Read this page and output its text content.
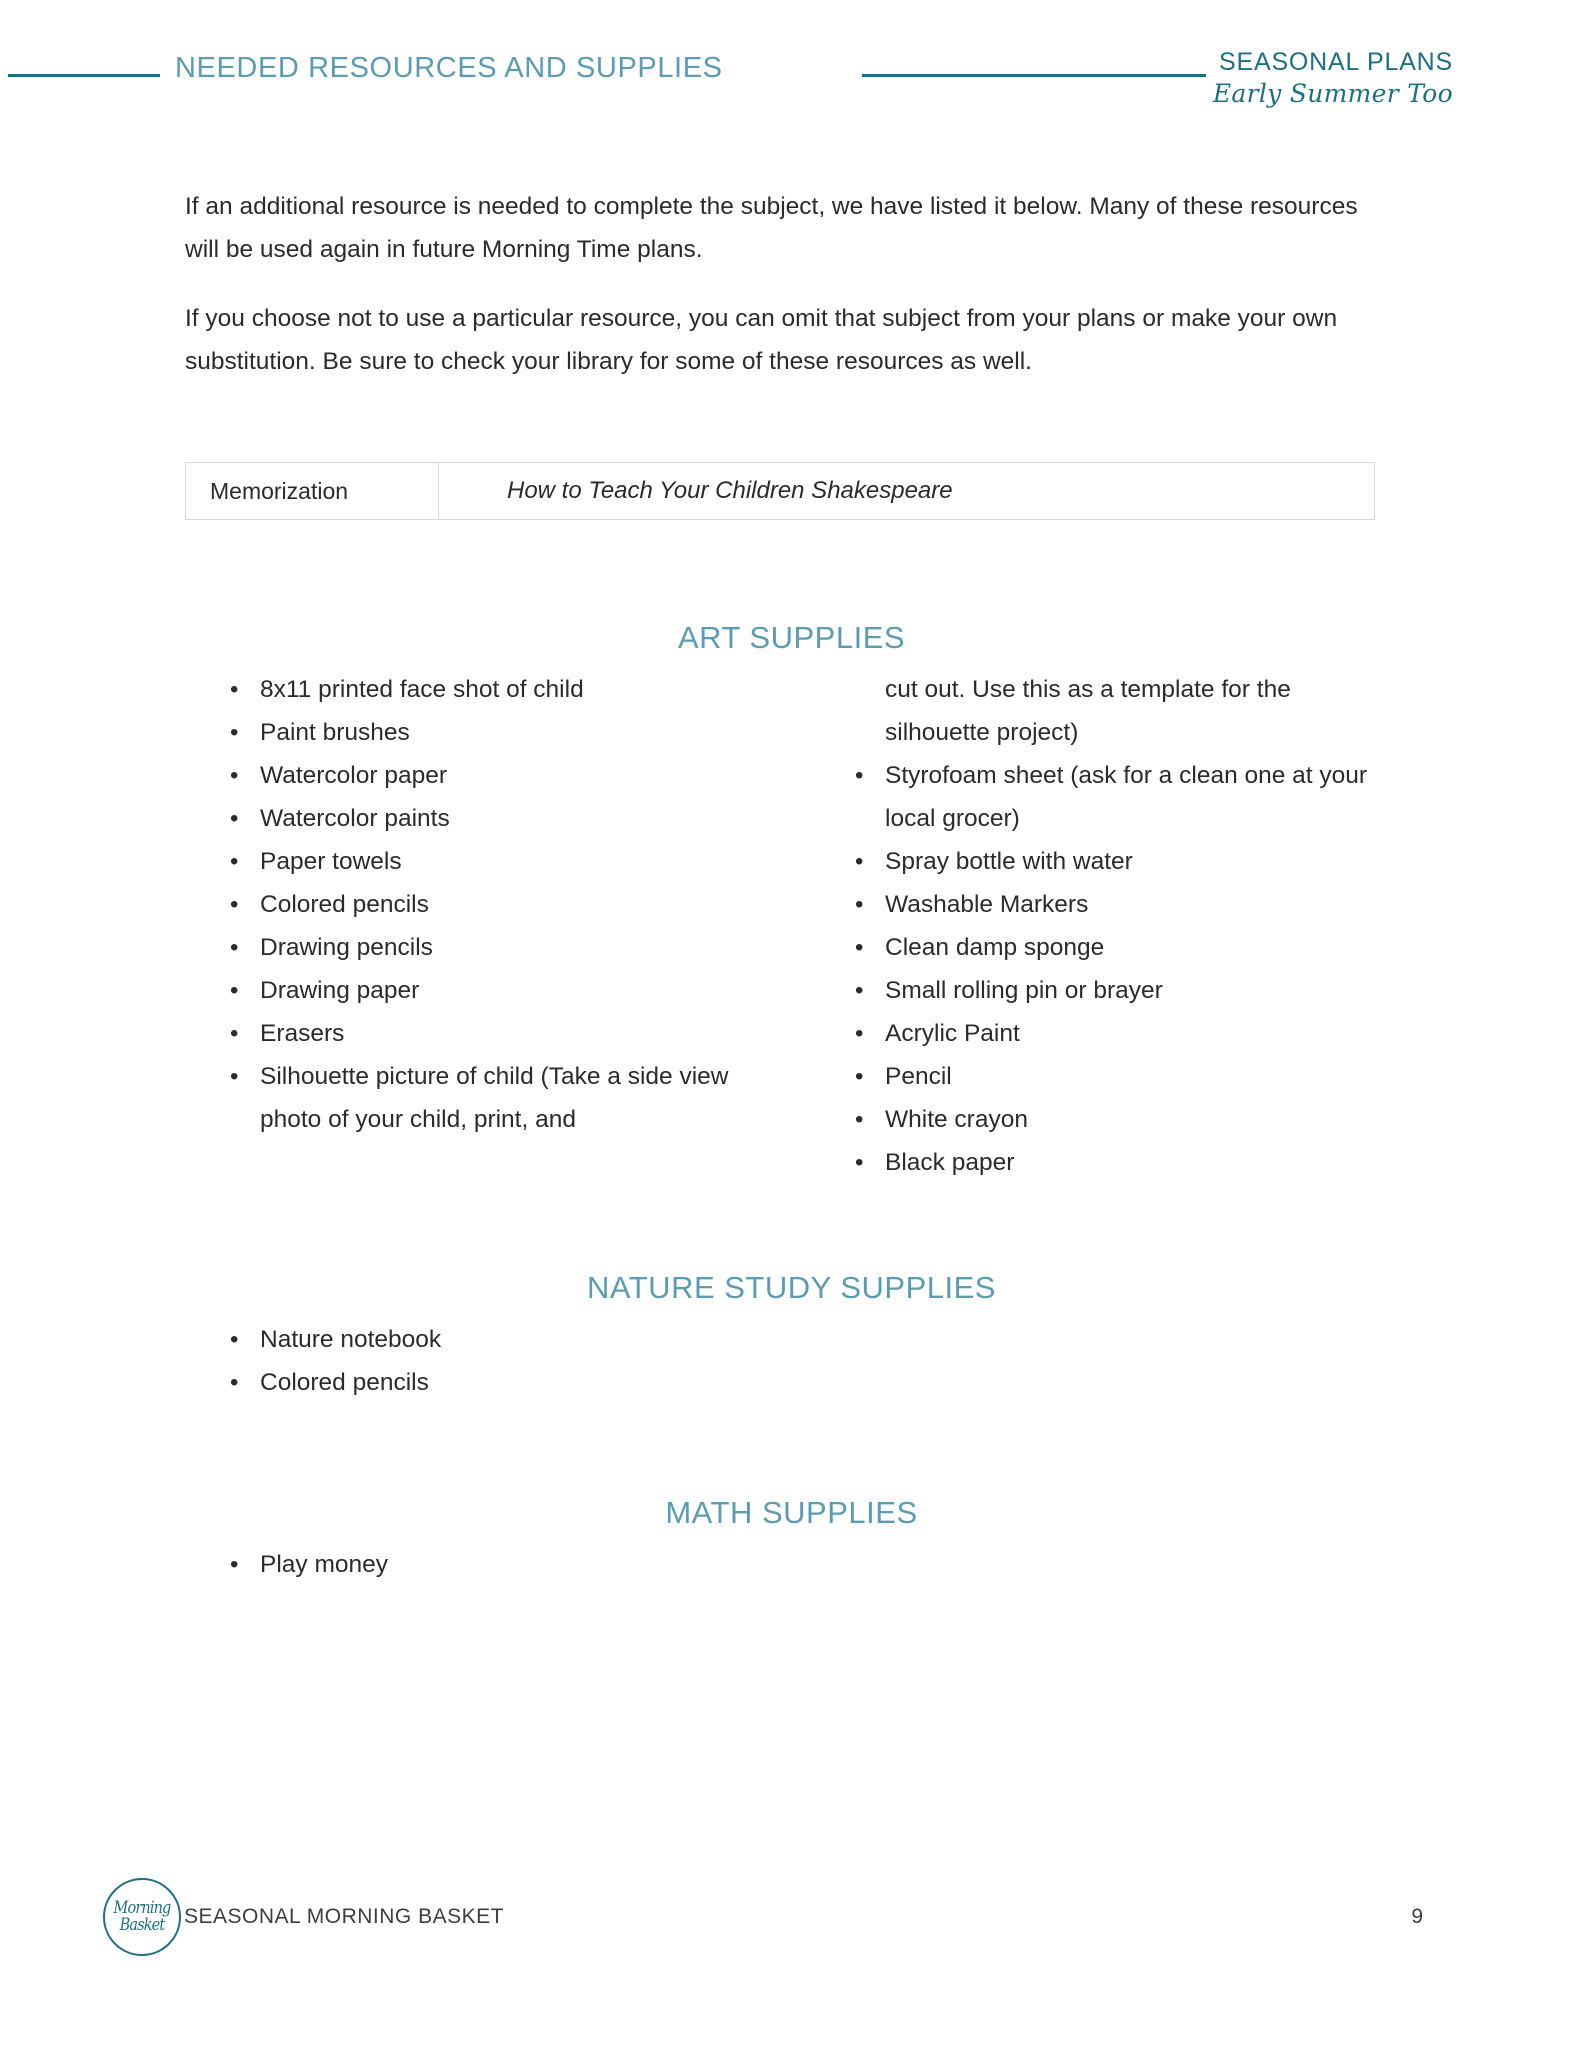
NEEDED RESOURCES AND SUPPLIES	SEASONAL PLANS
Early Summer Too
If an additional resource is needed to complete the subject, we have listed it below. Many of these resources will be used again in future Morning Time plans.
If you choose not to use a particular resource, you can omit that subject from your plans or make your own substitution. Be sure to check your library for some of these resources as well.
Memorization	How to Teach Your Children Shakespeare
ART SUPPLIES
• 8x11 printed face shot of child
• Paint brushes
• Watercolor paper
• Watercolor paints
• Paper towels
• Colored pencils
• Drawing pencils
• Drawing paper
• Erasers
• Silhouette picture of child (Take a side view photo of your child, print, and
cut out. Use this as a template for the silhouette project)
• Styrofoam sheet (ask for a clean one at your local grocer)
• Spray bottle with water
• Washable Markers
• Clean damp sponge
• Small rolling pin or brayer
• Acrylic Paint
• Pencil
• White crayon
• Black paper
NATURE STUDY SUPPLIES
• Nature notebook
• Colored pencils
MATH SUPPLIES
• Play money
Morning Basket SEASONAL MORNING BASKET	9
